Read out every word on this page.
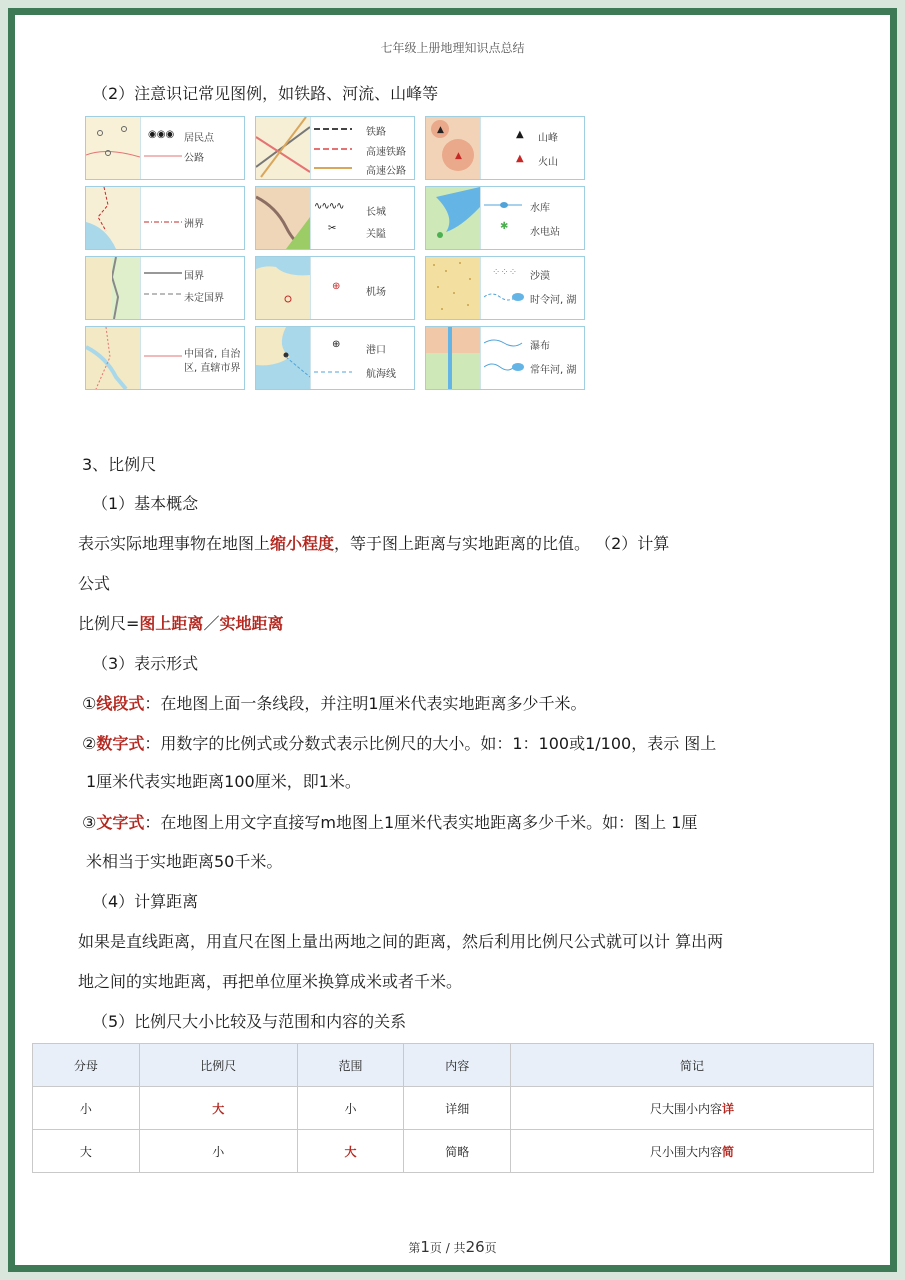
七年级上册地理知识点总结
（2）注意识记常见图例，如铁路、河流、山峰等
◉◉◉ 居民点
公路
铁路
高速铁路
高速公路
▲
▲
▲ 山峰
▲ 火山
洲界
∿∿∿∿
长城
✂
关隘
水库
✱
水电站
国界
未定国界
⊕
机场
⁘⁘⁘ 沙漠
时令河, 湖
中国省, 自治
区, 直辖市界
⊕
港口
航海线
瀑布
常年河, 湖
3、比例尺
（1）基本概念
表示实际地理事物在地图上缩小程度，等于图上距离与实地距离的比值。 （2）计算
公式
比例尺=图上距离／实地距离
（3）表示形式
①线段式：在地图上面一条线段，并注明1厘米代表实地距离多少千米。
②数字式：用数字的比例式或分数式表示比例尺的大小。如：1：100或1/100，表示 图上
1厘米代表实地距离100厘米，即1米。
③文字式：在地图上用文字直接写m地图上1厘米代表实地距离多少千米。如：图上 1厘
米相当于实地距离50千米。
（4）计算距离
如果是直线距离，用直尺在图上量出两地之间的距离，然后利用比例尺公式就可以计 算出两
地之间的实地距离，再把单位厘米换算成米或者千米。
（5）比例尺大小比较及与范围和内容的关系
分母	比例尺	范围	内容	简记

小	大	小	详细	尺大围小内容详

大	小	大	简略	尺小围大内容简
第1页 / 共26页
